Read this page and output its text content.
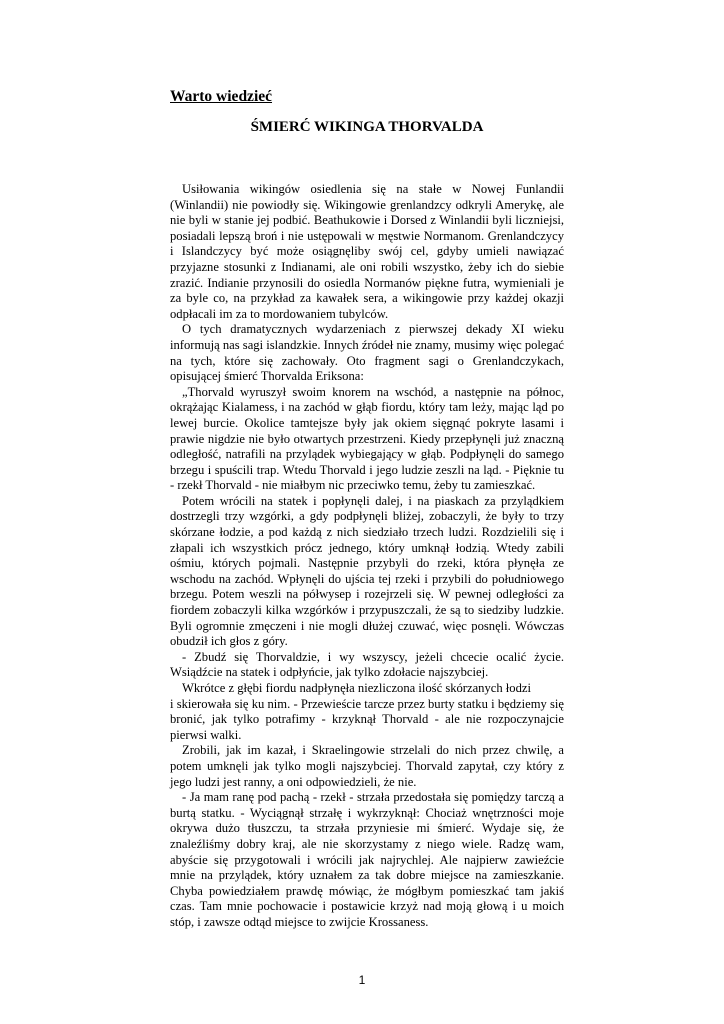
Warto wiedzieć
ŚMIERĆ WIKINGA THORVALDA

Usiłowania wikingów osiedlenia się na stałe w Nowej Funlandii (Winlandii) nie powiodły się. Wikingowie grenlandzcy odkryli Amerykę, ale nie byli w stanie jej podbić. Beathukowie i Dorsed z Winlandii byli liczniejsi, posiadali lepszą broń i nie ustępowali w męstwie Normanom. Grenlandczycy i Islandczycy być może osiągnęliby swój cel, gdyby umieli nawiązać przyjazne stosunki z Indianami, ale oni robili wszystko, żeby ich do siebie zrazić. Indianie przynosili do osiedla Normanów piękne futra, wymieniali je za byle co, na przykład za kawałek sera, a wikingowie przy każdej okazji odpłacali im za to mordowaniem tubylców.

O tych dramatycznych wydarzeniach z pierwszej dekady XI wieku informują nas sagi islandzkie. Innych źródeł nie znamy, musimy więc polegać na tych, które się zachowały. Oto fragment sagi o Grenlandczykach, opisującej śmierć Thorvalda Eriksona:

„Thorvald wyruszył swoim knorem na wschód, a następnie na północ, okrążając Kialamess, i na zachód w głąb fiordu, który tam leży, mając ląd po lewej burcie. Okolice tamtejsze były jak okiem sięgnąć pokryte lasami i prawie nigdzie nie było otwartych przestrzeni. Kiedy przepłynęli już znaczną odległość, natrafili na przylądek wybiegający w głąb. Podpłynęli do samego brzegu i spuścili trap. Wtedu Thorvald i jego ludzie zeszli na ląd. - Pięknie tu - rzekł Thorvald - nie miałbym nic przeciwko temu, żeby tu zamieszkać.

Potem wrócili na statek i popłynęli dalej, i na piaskach za przylądkiem dostrzegli trzy wzgórki, a gdy podpłynęli bliżej, zobaczyli, że były to trzy skórzane łodzie, a pod każdą z nich siedziało trzech ludzi. Rozdzielili się i złapali ich wszystkich prócz jednego, który umknął łodzią. Wtedy zabili ośmiu, których pojmali. Następnie przybyli do rzeki, która płynęła ze wschodu na zachód. Wpłynęli do ujścia tej rzeki i przybili do południowego brzegu. Potem weszli na półwysep i rozejrzeli się. W pewnej odległości za fiordem zobaczyli kilka wzgórków i przypuszczali, że są to siedziby ludzkie. Byli ogromnie zmęczeni i nie mogli dłużej czuwać, więc posnęli. Wówczas obudził ich głos z góry.

- Zbudź się Thorvaldzie, i wy wszyscy, jeżeli chcecie ocalić życie. Wsiądźcie na statek i odpłyńcie, jak tylko zdołacie najszybciej.

Wkrótce z głębi fiordu nadpłynęła niezliczona ilość skórzanych łodzi

i skierowała się ku nim. - Przewieście tarcze przez burty statku i będziemy się bronić, jak tylko potrafimy - krzyknął Thorvald - ale nie rozpoczynajcie pierwsi walki.

Zrobili, jak im kazał, i Skraelingowie strzelali do nich przez chwilę, a potem umknęli jak tylko mogli najszybciej. Thorvald zapytał, czy który z jego ludzi jest ranny, a oni odpowiedzieli, że nie.

- Ja mam ranę pod pachą - rzekł - strzała przedostała się pomiędzy tarczą a burtą statku. - Wyciągnął strzałę i wykrzyknął: Chociaż wnętrzności moje okrywa dużo tłuszczu, ta strzała przyniesie mi śmierć. Wydaje się, że znaleźliśmy dobry kraj, ale nie skorzystamy z niego wiele. Radzę wam, abyście się przygotowali i wrócili jak najrychlej. Ale najpierw zawieźcie mnie na przylądek, który uznałem za tak dobre miejsce na zamieszkanie. Chyba powiedziałem prawdę mówiąc, że mógłbym pomieszkać tam jakiś czas. Tam mnie pochowacie i postawicie krzyż nad moją głową i u moich stóp, i zawsze odtąd miejsce to zwijcie Krossaness.

1
